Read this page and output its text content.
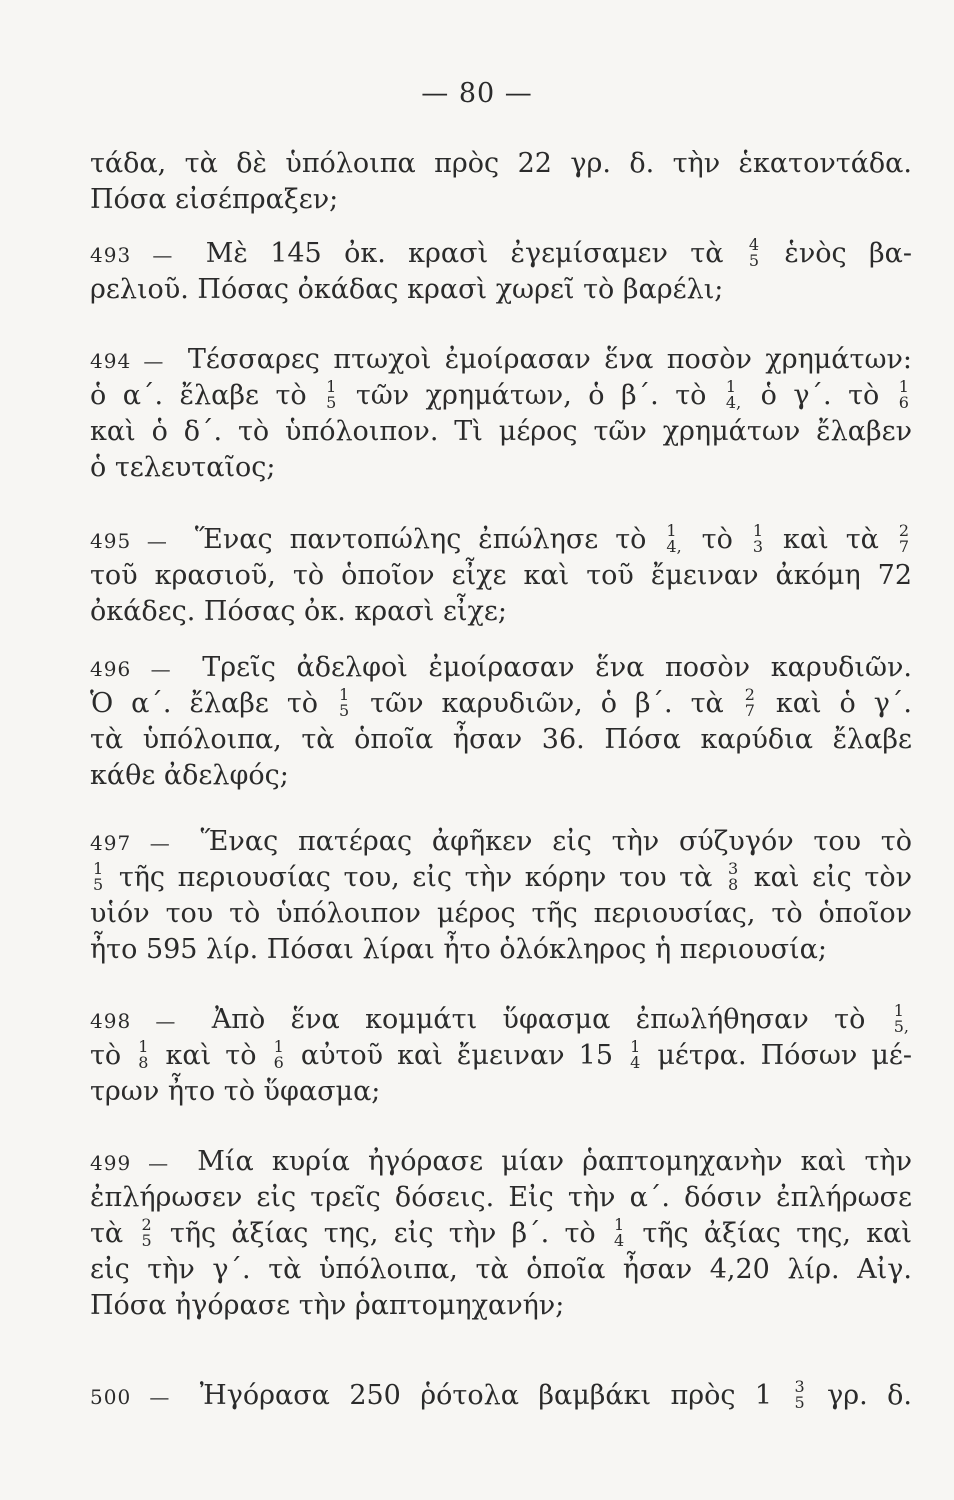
— 80 —
τάδα, τὰ δὲ ὑπόλοιπα πρὸς 22 γρ. δ. τὴν ἑκατοντάδα.
Πόσα εἰσέπραξεν;
493 — Μὲ 145 ὀκ. κρασὶ ἐγεμίσαμεν τὰ 4
5 ἑνὸς βα-
ρελιοῦ. Πόσας ὀκάδας κρασὶ χωρεῖ τὸ βαρέλι;
494 — Τέσσαρες πτωχοὶ ἐμοίρασαν ἕνα ποσὸν χρημάτων:
ὁ α΄. ἔλαβε τὸ 1
5 τῶν χρημάτων, ὁ β΄. τὸ 1
4, ὁ γ΄. τὸ 1
6
καὶ ὁ δ΄. τὸ ὑπόλοιπον. Τὶ μέρος τῶν χρημάτων ἔλαβεν
ὁ τελευταῖος;
495 — Ἕνας παντοπώλης ἐπώλησε τὸ 1
4, τὸ 1
3 καὶ τὰ 2
7
τοῦ κρασιοῦ, τὸ ὁποῖον εἶχε καὶ τοῦ ἔμειναν ἀκόμη 72
ὀκάδες. Πόσας ὀκ. κρασὶ εἶχε;
496 — Τρεῖς ἀδελφοὶ ἐμοίρασαν ἕνα ποσὸν καρυδιῶν.
Ὁ α΄. ἔλαβε τὸ 1
5 τῶν καρυδιῶν, ὁ β΄. τὰ 2
7 καὶ ὁ γ΄.
τὰ ὑπόλοιπα, τὰ ὁποῖα ἦσαν 36. Πόσα καρύδια ἔλαβε
κάθε ἀδελφός;
497 — Ἕνας πατέρας ἀφῆκεν εἰς τὴν σύζυγόν του τὸ
1
5 τῆς περιουσίας του, εἰς τὴν κόρην του τὰ 3
8 καὶ εἰς τὸν
υἱόν του τὸ ὑπόλοιπον μέρος τῆς περιουσίας, τὸ ὁποῖον
ἦτο 595 λίρ. Πόσαι λίραι ἦτο ὁλόκληρος ἡ περιουσία;
498 — Ἀπὸ ἕνα κομμάτι ὕφασμα ἐπωλήθησαν τὸ 1
5,
τὸ 1
8 καὶ τὸ 1
6 αὐτοῦ καὶ ἔμειναν 15 1
4 μέτρα. Πόσων μέ-
τρων ἦτο τὸ ὕφασμα;
499 — Μία κυρία ἠγόρασε μίαν ῥαπτομηχανὴν καὶ τὴν
ἐπλήρωσεν εἰς τρεῖς δόσεις. Εἰς τὴν α΄. δόσιν ἐπλήρωσε
τὰ 2
5 τῆς ἀξίας της, εἰς τὴν β΄. τὸ 1
4 τῆς ἀξίας της, καὶ
εἰς τὴν γ΄. τὰ ὑπόλοιπα, τὰ ὁποῖα ἦσαν 4,20 λίρ. Αἰγ.
Πόσα ἠγόρασε τὴν ῥαπτομηχανήν;
500 — Ἠγόρασα 250 ῥότολα βαμβάκι πρὸς 1 3
5 γρ. δ.
